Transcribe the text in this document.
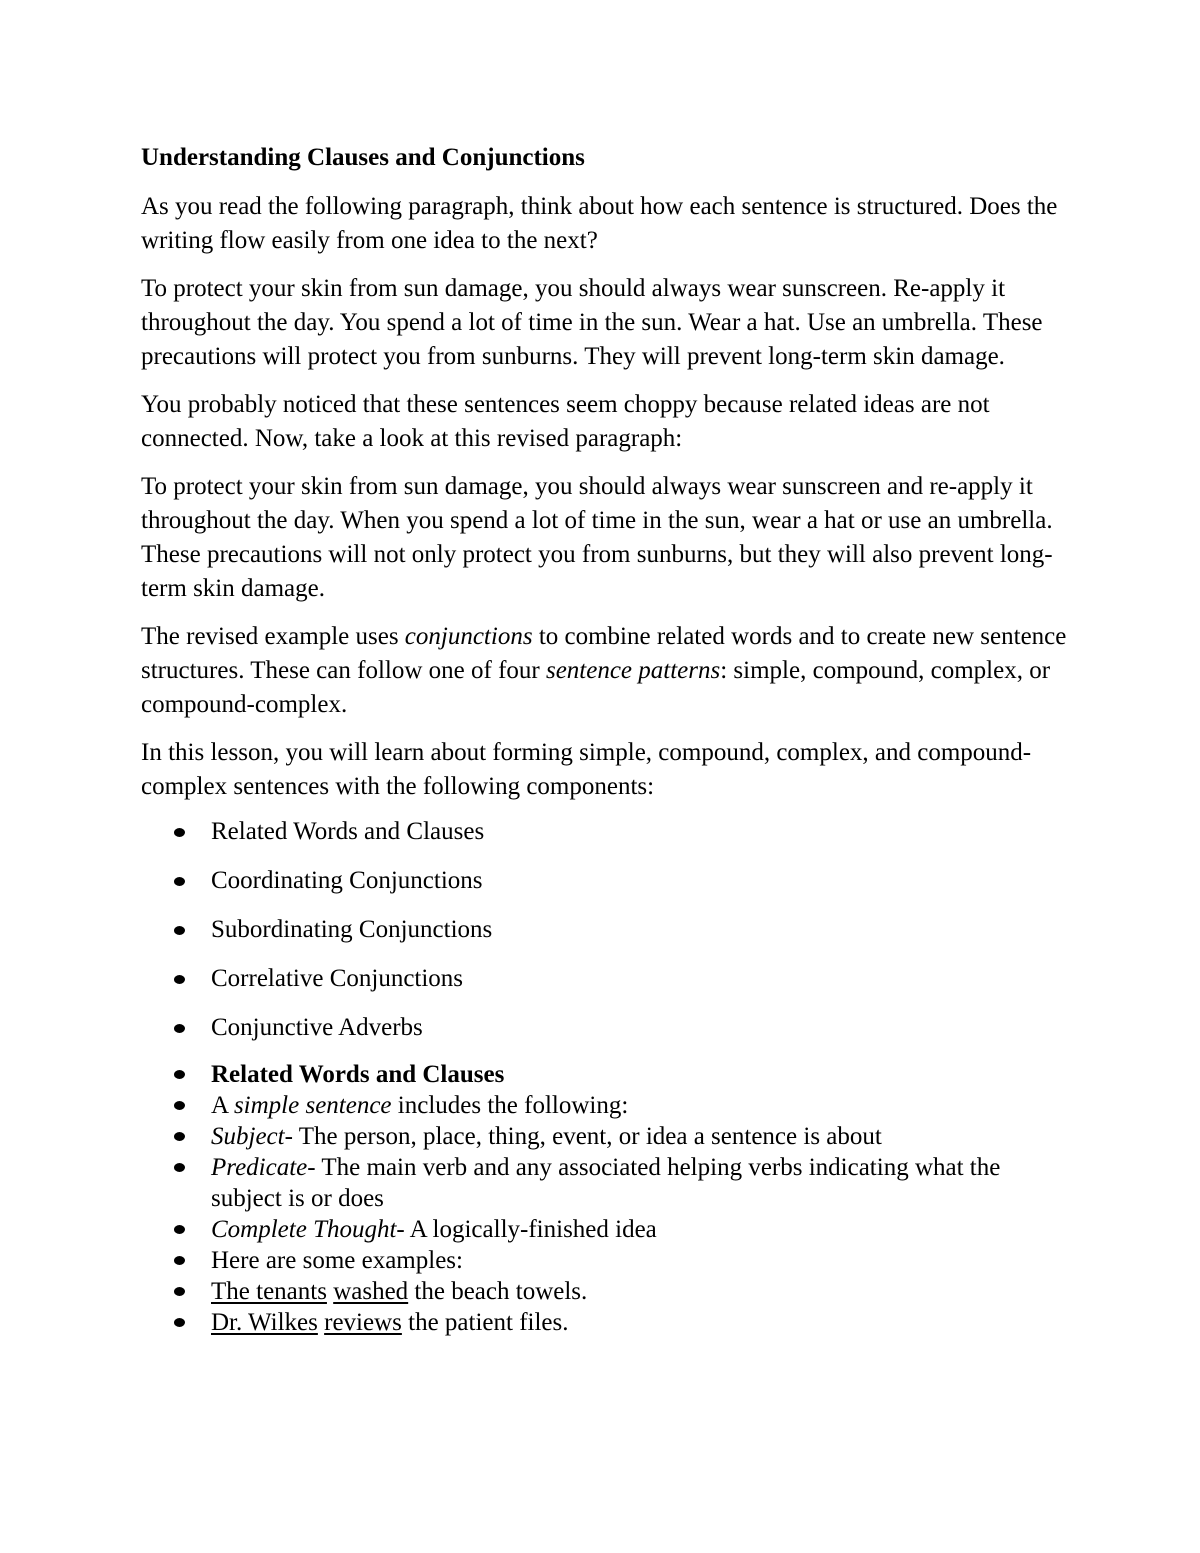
Understanding Clauses and Conjunctions

As you read the following paragraph, think about how each sentence is structured. Does the writing flow easily from one idea to the next?

To protect your skin from sun damage, you should always wear sunscreen. Re-apply it throughout the day. You spend a lot of time in the sun. Wear a hat. Use an umbrella. These precautions will protect you from sunburns. They will prevent long-term skin damage.

You probably noticed that these sentences seem choppy because related ideas are not connected. Now, take a look at this revised paragraph:

To protect your skin from sun damage, you should always wear sunscreen and re-apply it throughout the day. When you spend a lot of time in the sun, wear a hat or use an umbrella. These precautions will not only protect you from sunburns, but they will also prevent long-term skin damage.

The revised example uses conjunctions to combine related words and to create new sentence structures. These can follow one of four sentence patterns: simple, compound, complex, or compound-complex.

In this lesson, you will learn about forming simple, compound, complex, and compound-complex sentences with the following components:

Related Words and Clauses
Coordinating Conjunctions
Subordinating Conjunctions
Correlative Conjunctions
Conjunctive Adverbs
Related Words and Clauses
A simple sentence includes the following:
Subject- The person, place, thing, event, or idea a sentence is about
Predicate- The main verb and any associated helping verbs indicating what the subject is or does
Complete Thought- A logically-finished idea
Here are some examples:
The tenants washed the beach towels.
Dr. Wilkes reviews the patient files.
